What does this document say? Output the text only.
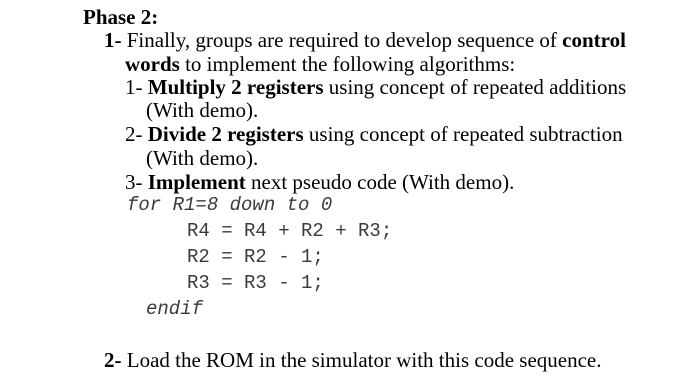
Phase 2:
1- Finally, groups are required to develop sequence of control
words to implement the following algorithms:
1- Multiply 2 registers using concept of repeated additions
(With demo).
2- Divide 2 registers using concept of repeated subtraction
(With demo).
3- Implement next pseudo code (With demo).
for R1=8 down to 0
R4 = R4 + R2 + R3;
R2 = R2 - 1;
R3 = R3 - 1;
endif
2- Load the ROM in the simulator with this code sequence.
